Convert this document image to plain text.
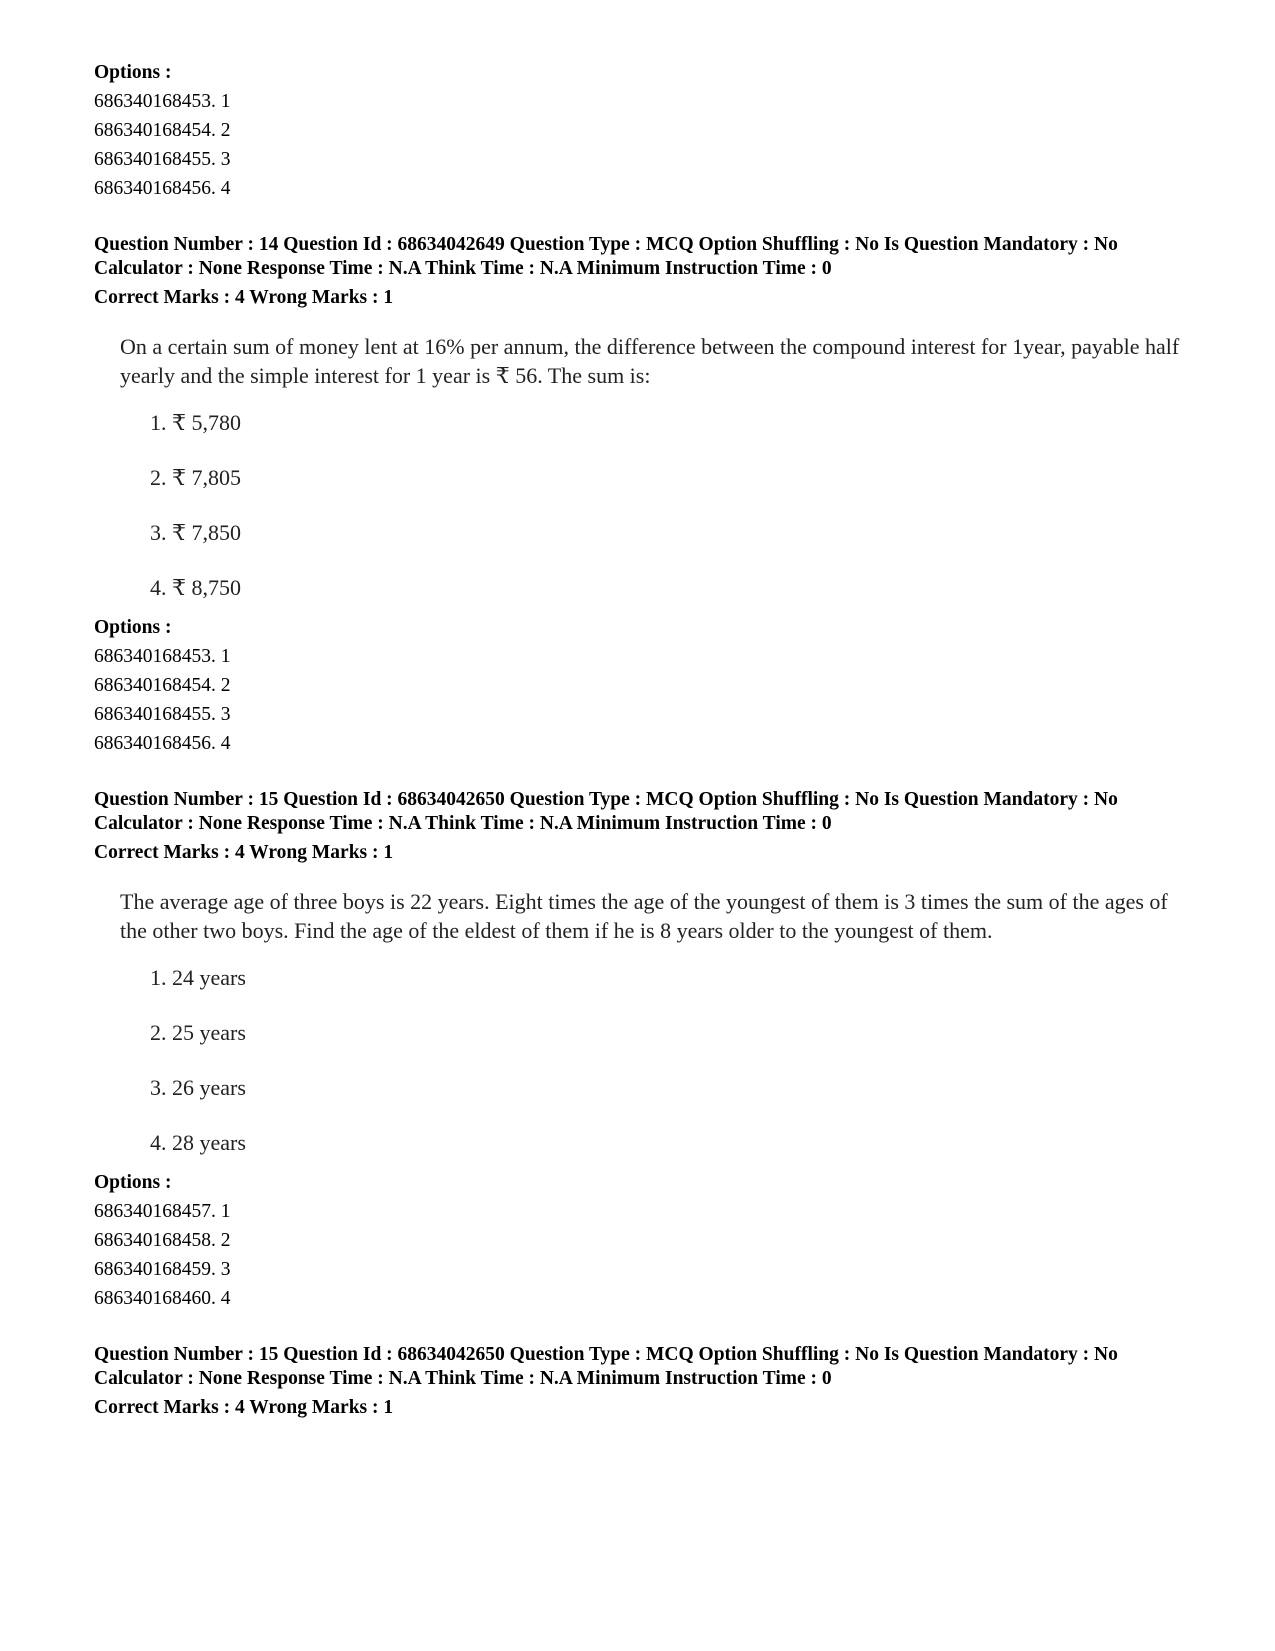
Options :
686340168453. 1
686340168454. 2
686340168455. 3
686340168456. 4
Question Number : 14 Question Id : 68634042649 Question Type : MCQ Option Shuffling : No Is Question Mandatory : No Calculator : None Response Time : N.A Think Time : N.A Minimum Instruction Time : 0
Correct Marks : 4 Wrong Marks : 1
On a certain sum of money lent at 16% per annum, the difference between the compound interest for 1year, payable half yearly and the simple interest for 1 year is ₹ 56. The sum is:
1. ₹ 5,780
2. ₹ 7,805
3. ₹ 7,850
4. ₹ 8,750
Options :
686340168453. 1
686340168454. 2
686340168455. 3
686340168456. 4
Question Number : 15 Question Id : 68634042650 Question Type : MCQ Option Shuffling : No Is Question Mandatory : No Calculator : None Response Time : N.A Think Time : N.A Minimum Instruction Time : 0
Correct Marks : 4 Wrong Marks : 1
The average age of three boys is 22 years. Eight times the age of the youngest of them is 3 times the sum of the ages of the other two boys. Find the age of the eldest of them if he is 8 years older to the youngest of them.
1. 24 years
2. 25 years
3. 26 years
4. 28 years
Options :
686340168457. 1
686340168458. 2
686340168459. 3
686340168460. 4
Question Number : 15 Question Id : 68634042650 Question Type : MCQ Option Shuffling : No Is Question Mandatory : No Calculator : None Response Time : N.A Think Time : N.A Minimum Instruction Time : 0
Correct Marks : 4 Wrong Marks : 1
